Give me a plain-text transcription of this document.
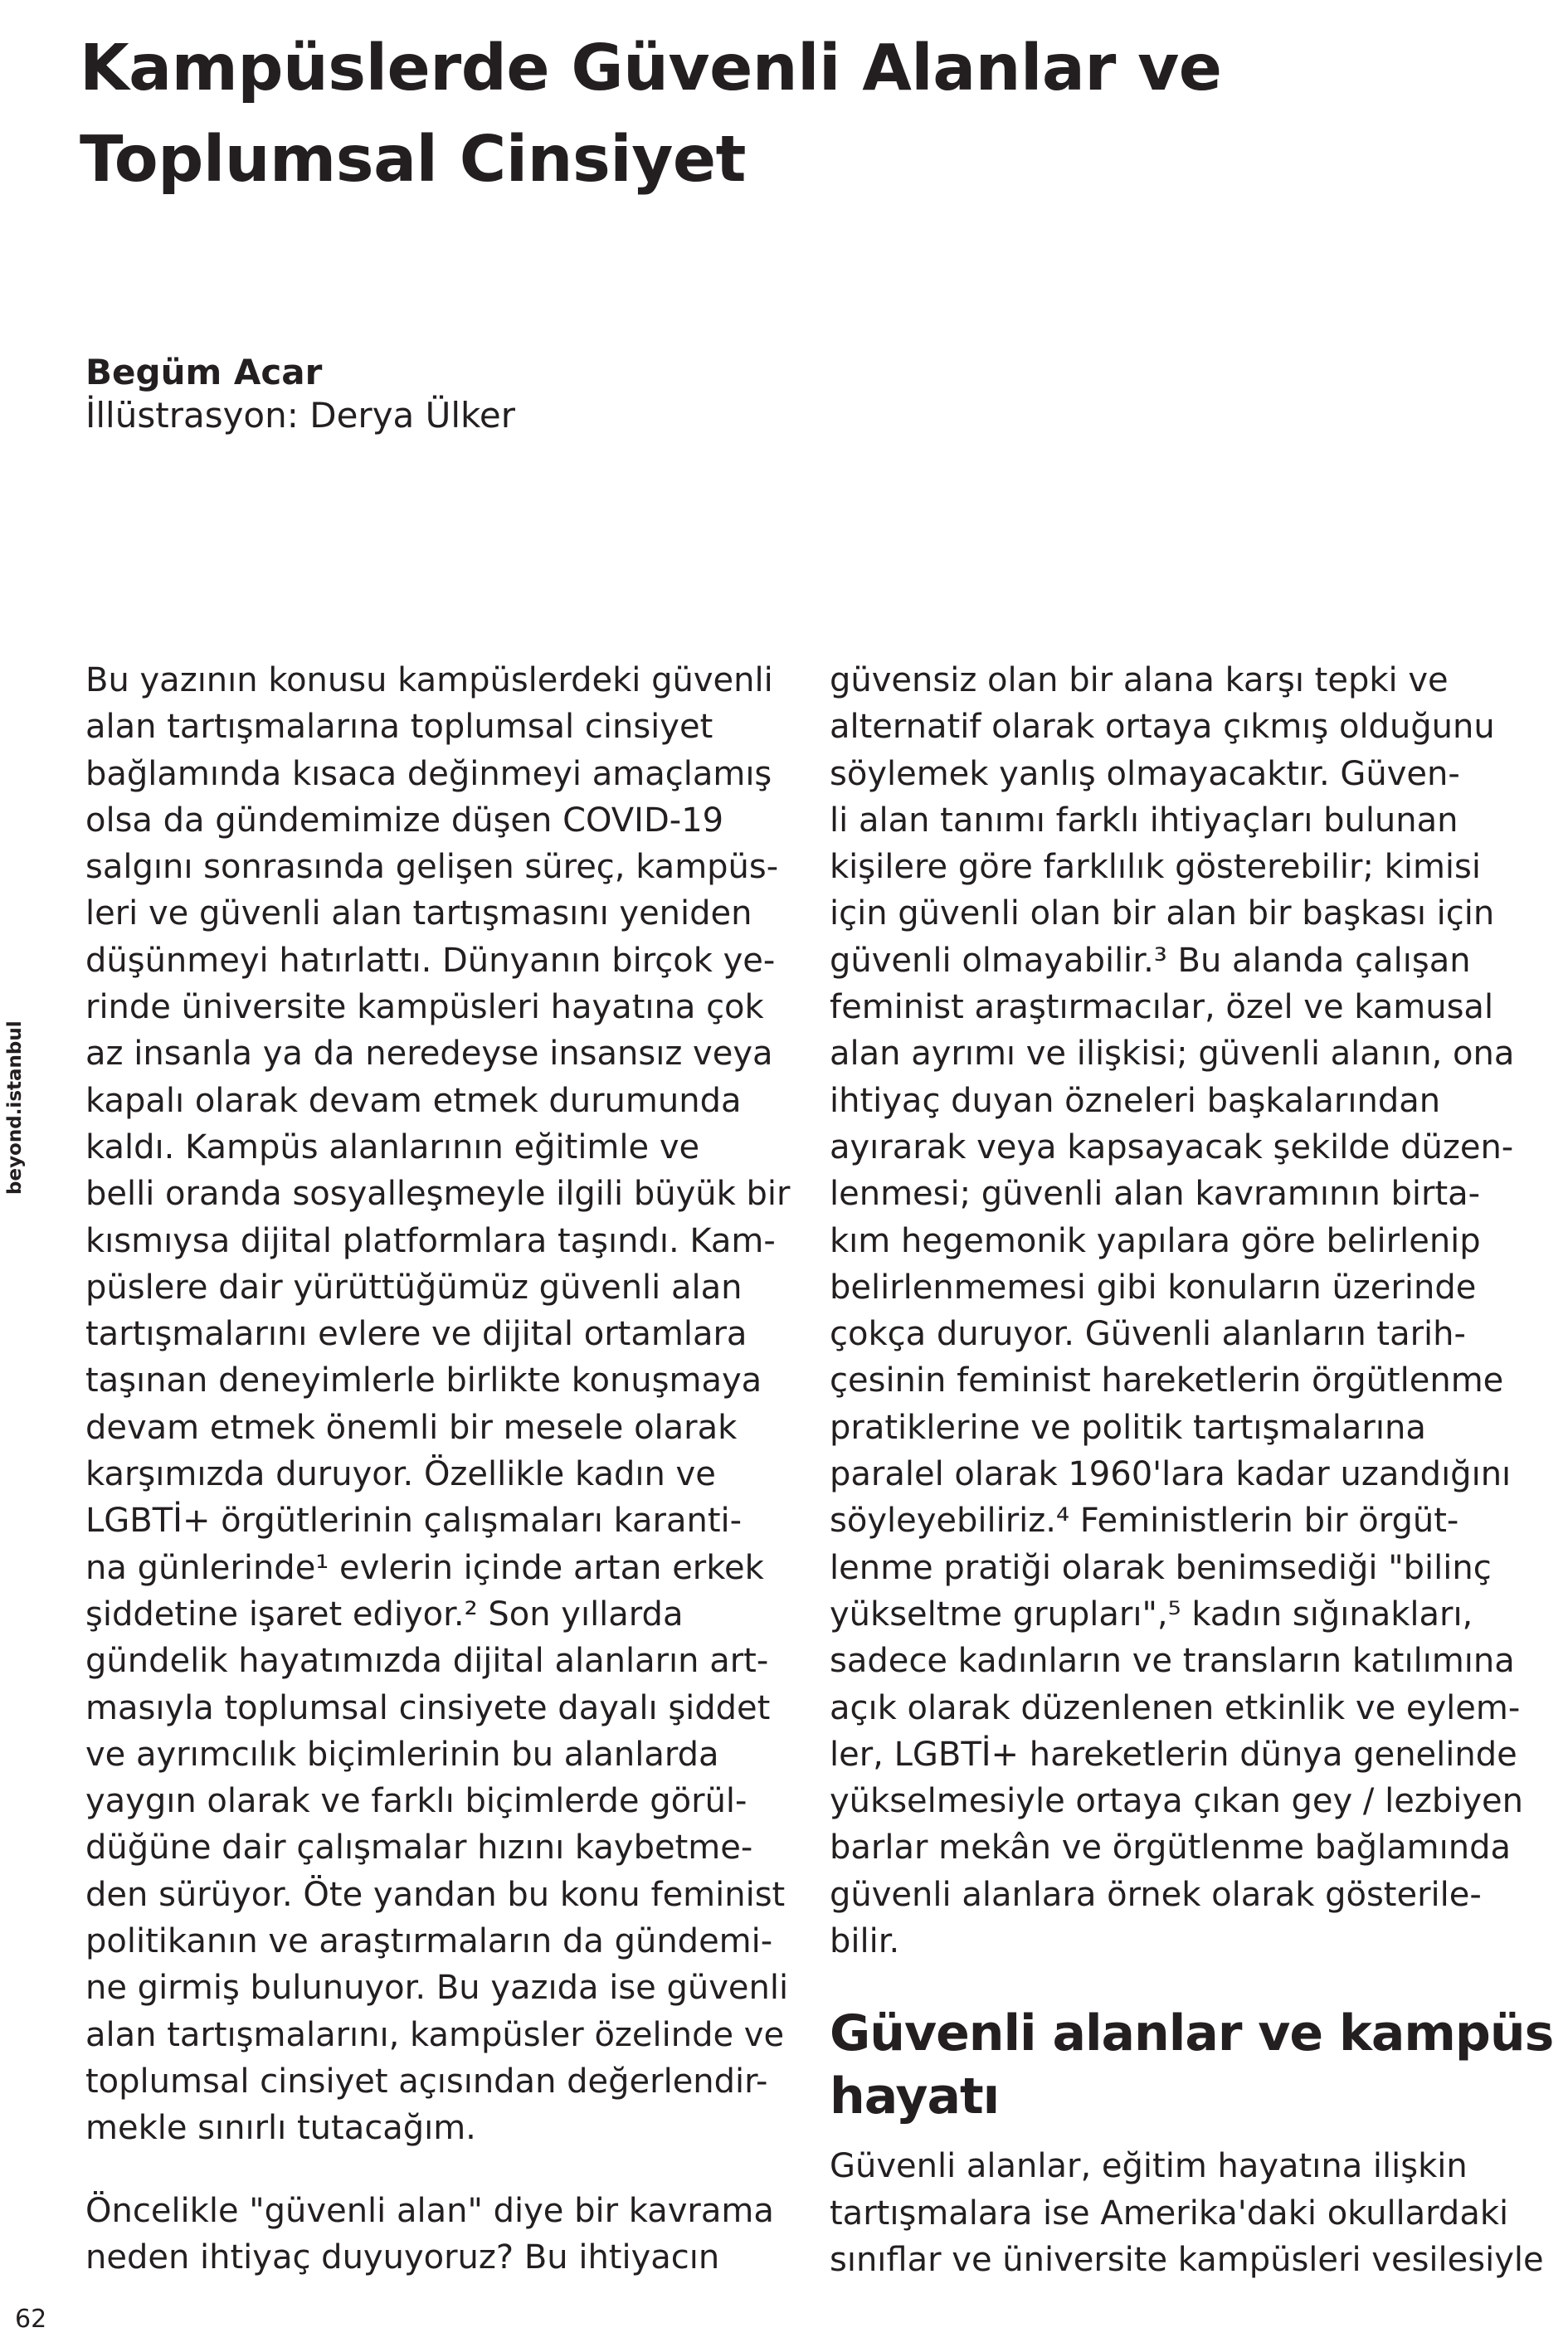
Kampüslerde Güvenli Alanlar ve
Toplumsal Cinsiyet
Begüm Acar
İllüstrasyon: Derya Ülker
beyond.istanbul
Bu yazının konusu kampüslerdeki güvenli
alan tartışmalarına toplumsal cinsiyet
bağlamında kısaca değinmeyi amaçlamış
olsa da gündemimize düşen COVID-19
salgını sonrasında gelişen süreç, kampüs-
leri ve güvenli alan tartışmasını yeniden
düşünmeyi hatırlattı. Dünyanın birçok ye-
rinde üniversite kampüsleri hayatına çok
az insanla ya da neredeyse insansız veya
kapalı olarak devam etmek durumunda
kaldı. Kampüs alanlarının eğitimle ve
belli oranda sosyalleşmeyle ilgili büyük bir
kısmıysa dijital platformlara taşındı. Kam-
püslere dair yürüttüğümüz güvenli alan
tartışmalarını evlere ve dijital ortamlara
taşınan deneyimlerle birlikte konuşmaya
devam etmek önemli bir mesele olarak
karşımızda duruyor. Özellikle kadın ve
LGBTİ+ örgütlerinin çalışmaları karanti-
na günlerinde¹ evlerin içinde artan erkek
şiddetine işaret ediyor.² Son yıllarda
gündelik hayatımızda dijital alanların art-
masıyla toplumsal cinsiyete dayalı şiddet
ve ayrımcılık biçimlerinin bu alanlarda
yaygın olarak ve farklı biçimlerde görül-
düğüne dair çalışmalar hızını kaybetme-
den sürüyor. Öte yandan bu konu feminist
politikanın ve araştırmaların da gündemi-
ne girmiş bulunuyor. Bu yazıda ise güvenli
alan tartışmalarını, kampüsler özelinde ve
toplumsal cinsiyet açısından değerlendir-
mekle sınırlı tutacağım.
Öncelikle "güvenli alan" diye bir kavrama
neden ihtiyaç duyuyoruz? Bu ihtiyacın
güvensiz olan bir alana karşı tepki ve
alternatif olarak ortaya çıkmış olduğunu
söylemek yanlış olmayacaktır. Güven-
li alan tanımı farklı ihtiyaçları bulunan
kişilere göre farklılık gösterebilir; kimisi
için güvenli olan bir alan bir başkası için
güvenli olmayabilir.³ Bu alanda çalışan
feminist araştırmacılar, özel ve kamusal
alan ayrımı ve ilişkisi; güvenli alanın, ona
ihtiyaç duyan özneleri başkalarından
ayırarak veya kapsayacak şekilde düzen-
lenmesi; güvenli alan kavramının birta-
kım hegemonik yapılara göre belirlenip
belirlenmemesi gibi konuların üzerinde
çokça duruyor. Güvenli alanların tarih-
çesinin feminist hareketlerin örgütlenme
pratiklerine ve politik tartışmalarına
paralel olarak 1960'lara kadar uzandığını
söyleyebiliriz.⁴ Feministlerin bir örgüt-
lenme pratiği olarak benimsediği "bilinç
yükseltme grupları",⁵ kadın sığınakları,
sadece kadınların ve transların katılımına
açık olarak düzenlenen etkinlik ve eylem-
ler, LGBTİ+ hareketlerin dünya genelinde
yükselmesiyle ortaya çıkan gey / lezbiyen
barlar mekân ve örgütlenme bağlamında
güvenli alanlara örnek olarak gösterile-
bilir.
Güvenli alanlar ve kampüs
hayatı
Güvenli alanlar, eğitim hayatına ilişkin
tartışmalara ise Amerika'daki okullardaki
sınıflar ve üniversite kampüsleri vesilesiyle
62
